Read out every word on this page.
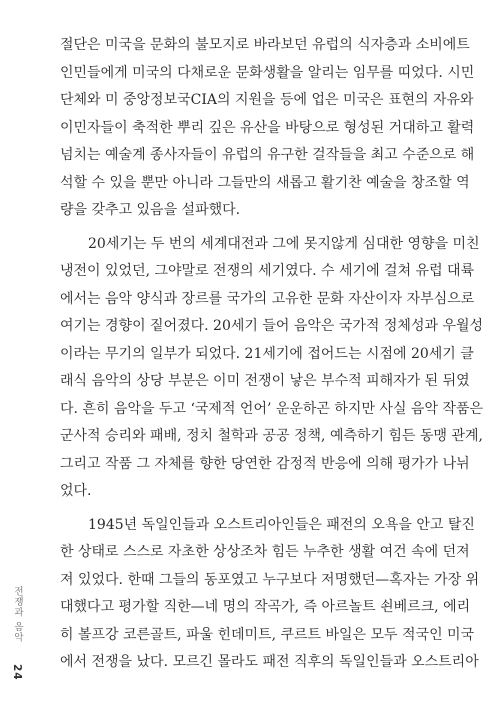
절단은 미국을 문화의 불모지로 바라보던 유럽의 식자층과 소비에트
인민들에게 미국의 다채로운 문화생활을 알리는 임무를 띠었다. 시민
단체와 미 중앙정보국CIA의 지원을 등에 업은 미국은 표현의 자유와
이민자들이 축적한 뿌리 깊은 유산을 바탕으로 형성된 거대하고 활력
넘치는 예술계 종사자들이 유럽의 유구한 걸작들을 최고 수준으로 해
석할 수 있을 뿐만 아니라 그들만의 새롭고 활기찬 예술을 창조할 역
량을 갖추고 있음을 설파했다.
20세기는 두 번의 세계대전과 그에 못지않게 심대한 영향을 미친
냉전이 있었던, 그야말로 전쟁의 세기였다. 수 세기에 걸쳐 유럽 대륙
에서는 음악 양식과 장르를 국가의 고유한 문화 자산이자 자부심으로
여기는 경향이 짙어졌다. 20세기 들어 음악은 국가적 정체성과 우월성
이라는 무기의 일부가 되었다. 21세기에 접어드는 시점에 20세기 클
래식 음악의 상당 부분은 이미 전쟁이 낳은 부수적 피해자가 된 뒤였
다. 흔히 음악을 두고 ‘국제적 언어’ 운운하곤 하지만 사실 음악 작품은
군사적 승리와 패배, 정치 철학과 공공 정책, 예측하기 힘든 동맹 관계,
그리고 작품 그 자체를 향한 당연한 감정적 반응에 의해 평가가 나뉘
었다.
1945년 독일인들과 오스트리아인들은 패전의 오욕을 안고 탈진
한 상태로 스스로 자초한 상상조차 힘든 누추한 생활 여건 속에 던져
져 있었다. 한때 그들의 동포였고 누구보다 저명했던—혹자는 가장 위
대했다고 평가할 직한—네 명의 작곡가, 즉 아르놀트 쇤베르크, 에리
히 볼프강 코른골트, 파울 힌데미트, 쿠르트 바일은 모두 적국인 미국
에서 전쟁을 났다. 모르긴 몰라도 패전 직후의 독일인들과 오스트리아
전쟁과 음악
24
